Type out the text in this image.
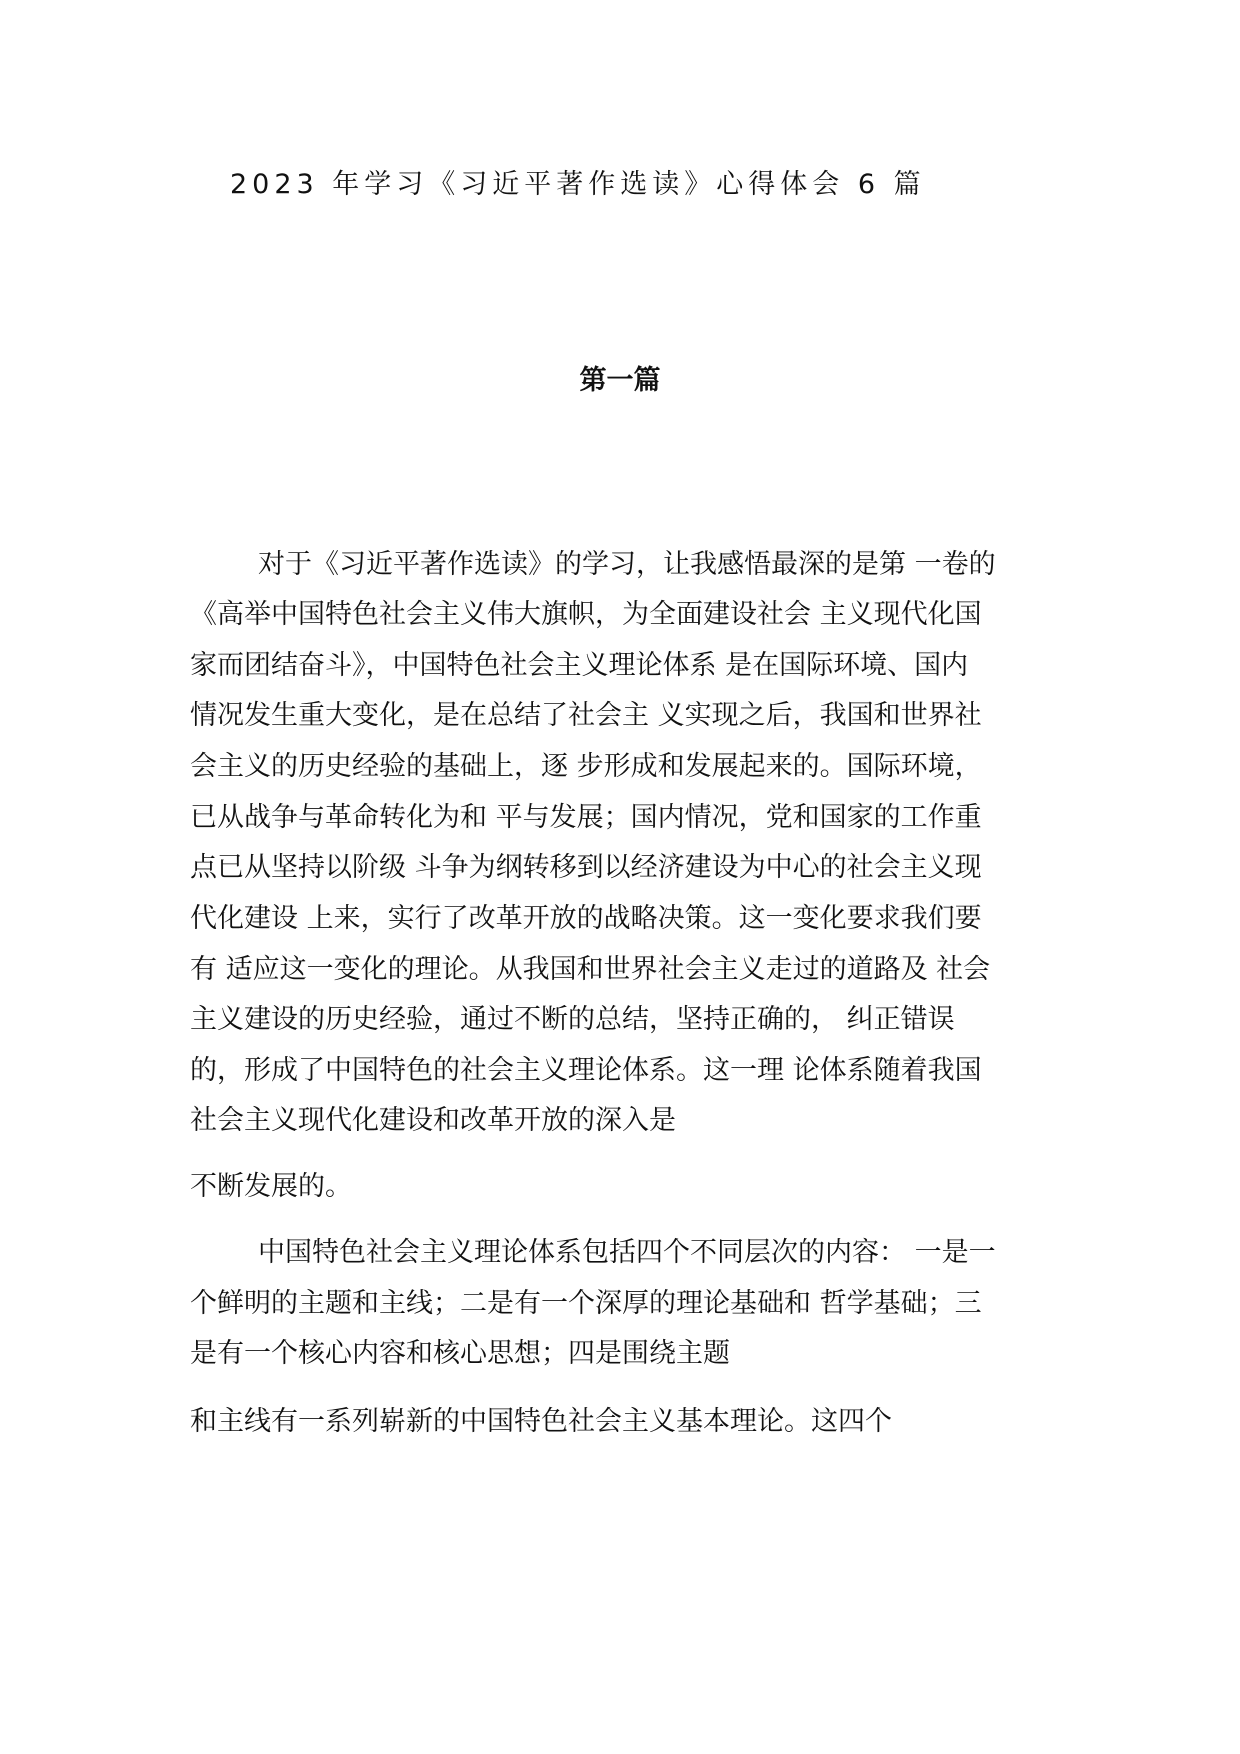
2023 年学习《习近平著作选读》心得体会 6 篇
第一篇

对于《习近平著作选读》的学习，让我感悟最深的是第 一卷的

《高举中国特色社会主义伟大旗帜，为全面建设社会 主义现代化国

家而团结奋斗》，中国特色社会主义理论体系 是在国际环境、国内

情况发生重大变化，是在总结了社会主 义实现之后，我国和世界社

会主义的历史经验的基础上，逐 步形成和发展起来的。国际环境，

已从战争与革命转化为和 平与发展；国内情况，党和国家的工作重

点已从坚持以阶级 斗争为纲转移到以经济建设为中心的社会主义现

代化建设 上来，实行了改革开放的战略决策。这一变化要求我们要

有 适应这一变化的理论。从我国和世界社会主义走过的道路及 社会

主义建设的历史经验，通过不断的总结，坚持正确的， 纠正错误

的，形成了中国特色的社会主义理论体系。这一理 论体系随着我国

社会主义现代化建设和改革开放的深入是

不断发展的。

中国特色社会主义理论体系包括四个不同层次的内容： 一是一

个鲜明的主题和主线；二是有一个深厚的理论基础和 哲学基础；三

是有一个核心内容和核心思想；四是围绕主题

和主线有一系列崭新的中国特色社会主义基本理论。这四个
